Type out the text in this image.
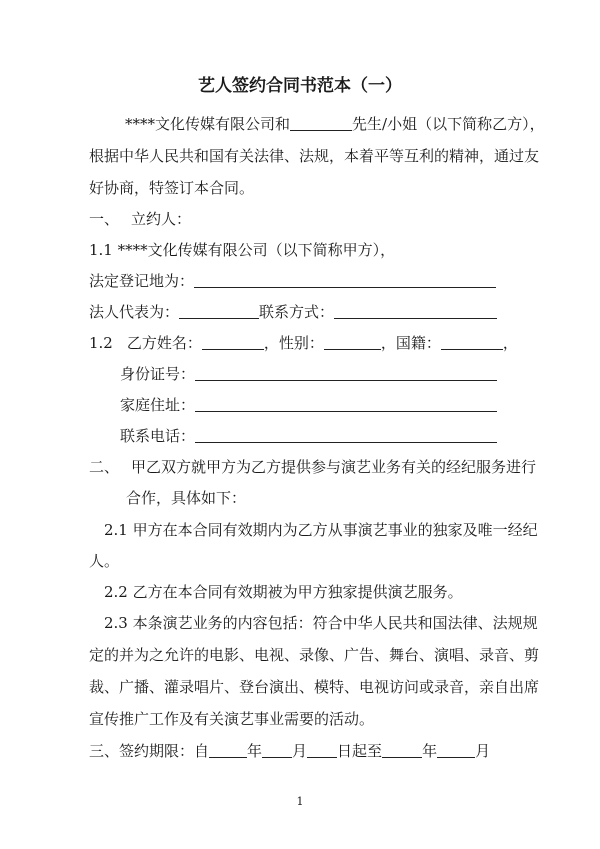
艺人签约合同书范本（一）
****文化传媒有限公司和	先生/小姐（以下简称乙方），
根据中华人民共和国有关法律、法规，本着平等互利的精神，通过友
好协商，特签订本合同。
一、 立约人：
1.1 ****文化传媒有限公司（以下简称甲方），
法定登记地为：
法人代表为：	联系方式：
1.2 乙方姓名：	，性别：	，国籍：	，
身份证号：
家庭住址：
联系电话：
二、 甲乙双方就甲方为乙方提供参与演艺业务有关的经纪服务进行
合作，具体如下：
2.1 甲方在本合同有效期内为乙方从事演艺事业的独家及唯一经纪
人。
2.2 乙方在本合同有效期被为甲方独家提供演艺服务。
2.3 本条演艺业务的内容包括：符合中华人民共和国法律、法规规
定的并为之允许的电影、电视、录像、广告、舞台、演唱、录音、剪
裁、广播、灌录唱片、登台演出、模特、电视访问或录音，亲自出席
宣传推广工作及有关演艺事业需要的活动。
三、签约期限：自	年 月 日起至	年	月
1
